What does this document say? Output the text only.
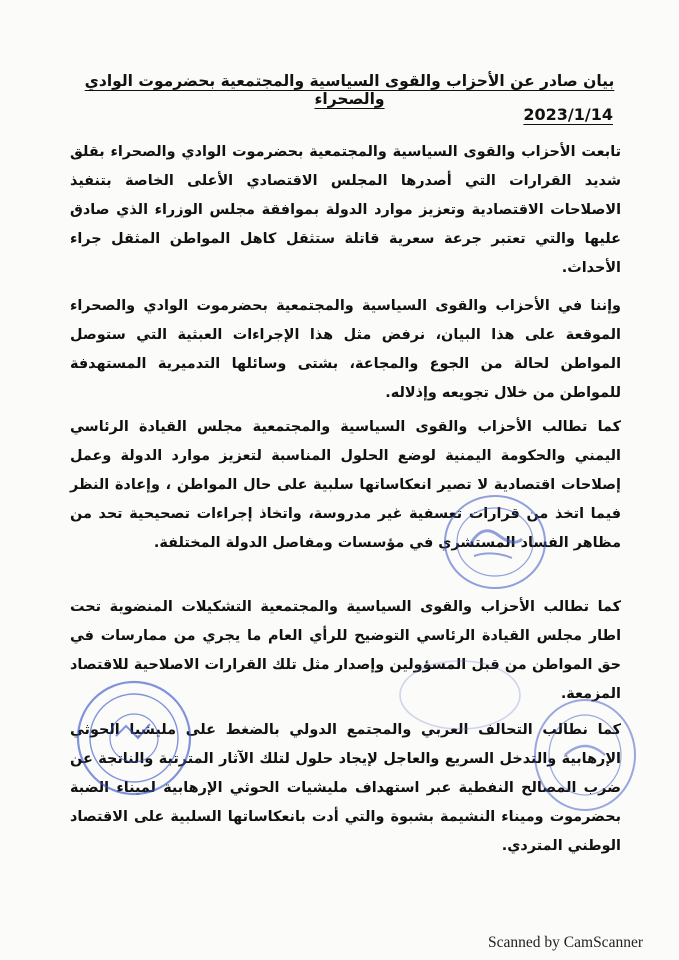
بيان صادر عن الأحزاب والقوى السياسية والمجتمعية بحضرموت الوادي والصحراء
2023/1/14
تابعت الأحزاب والقوى السياسية والمجتمعية بحضرموت الوادي والصحراء بقلق شديد القرارات التي أصدرها المجلس الاقتصادي الأعلى الخاصة بتنفيذ الاصلاحات الاقتصادية وتعزيز موارد الدولة بموافقة مجلس الوزراء الذي صادق عليها والتي تعتبر جرعة سعرية قاتلة ستثقل كاهل المواطن المثقل جراء الأحداث.
وإننا في الأحزاب والقوى السياسية والمجتمعية بحضرموت الوادي والصحراء الموقعة على هذا البيان، نرفض مثل هذا الإجراءات العبثية التي ستوصل المواطن لحالة من الجوع والمجاعة، بشتى وسائلها التدميرية المستهدفة للمواطن من خلال تجويعه وإذلاله.
كما تطالب الأحزاب والقوى السياسية والمجتمعية مجلس القيادة الرئاسي اليمني والحكومة اليمنية لوضع الحلول المناسبة لتعزيز موارد الدولة وعمل إصلاحات اقتصادية لا تصير انعكاساتها سلبية على حال المواطن ، وإعادة النظر فيما اتخذ من قرارات تعسفية غير مدروسة، واتخاذ إجراءات تصحيحية تحد من مظاهر الفساد المستشري في مؤسسات ومفاصل الدولة المختلفة.
كما تطالب الأحزاب والقوى السياسية والمجتمعية التشكيلات المنضوية تحت اطار مجلس القيادة الرئاسي التوضيح للرأي العام ما يجري من ممارسات في حق المواطن من قبل المسؤولين وإصدار مثل تلك القرارات الاصلاحية للاقتصاد المزمعة.
كما نطالب التحالف العربي والمجتمع الدولي بالضغط على مليشيا الحوثي الإرهابية والتدخل السريع والعاجل لإيجاد حلول لتلك الآثار المترتبة والناتجة عن ضرب المصالح النفطية عبر استهداف مليشيات الحوثي الإرهابية لميناء الضبة بحضرموت وميناء النشيمة بشبوة والتي أدت بانعكاساتها السلبية على الاقتصاد الوطني المتردي.
Scanned by CamScanner
